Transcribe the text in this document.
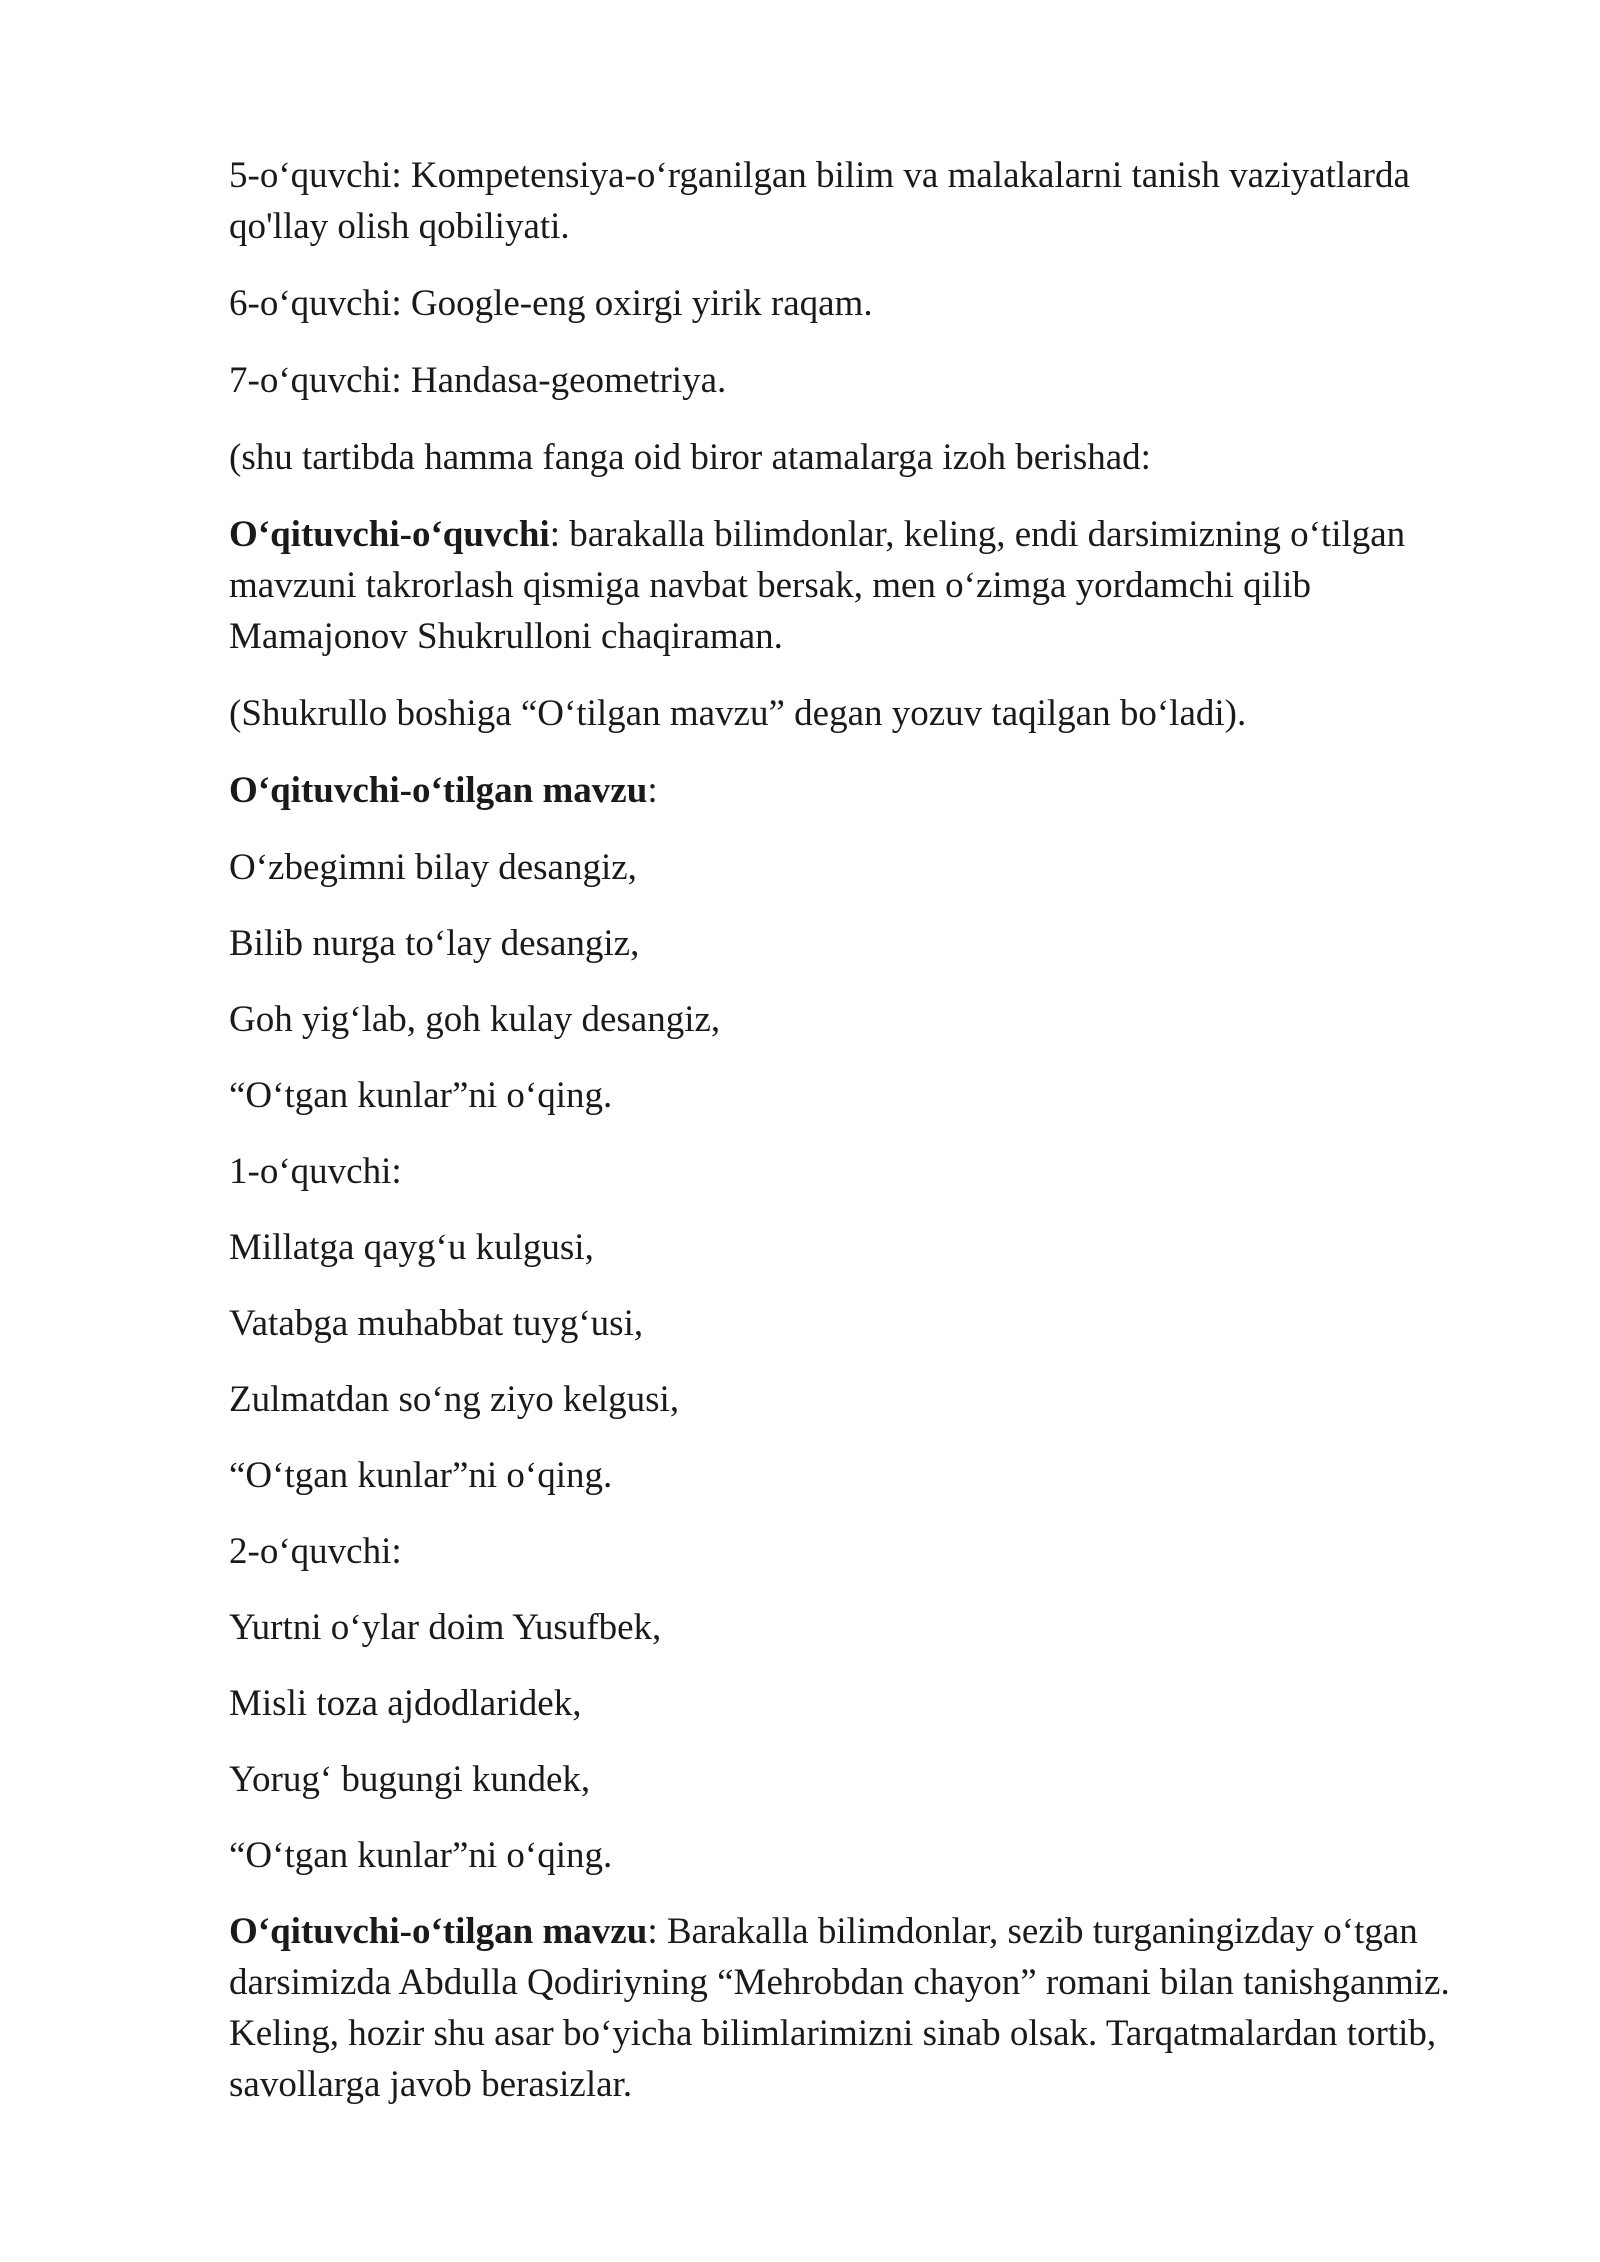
5-o‘quvchi: Kompetensiya-o‘rganilgan bilim va malakalarni tanish vaziyatlarda qo'llay olish qobiliyati.

6-o‘quvchi: Google-eng oxirgi yirik raqam.

7-o‘quvchi: Handasa-geometriya.

(shu tartibda hamma fanga oid biror atamalarga izoh berishad:

O‘qituvchi-o‘quvchi: barakalla bilimdonlar, keling, endi darsimizning o‘tilgan mavzuni takrorlash qismiga navbat bersak, men o‘zimga yordamchi qilib Mamajonov Shukrulloni chaqiraman.

(Shukrullo boshiga “O‘tilgan mavzu” degan yozuv taqilgan bo‘ladi).

O‘qituvchi-o‘tilgan mavzu:

O‘zbegimni bilay desangiz,

Bilib nurga to‘lay desangiz,

Goh yig‘lab, goh kulay desangiz,

“O‘tgan kunlar”ni o‘qing.

1-o‘quvchi:

Millatga qayg‘u kulgusi,

Vatabga muhabbat tuyg‘usi,

Zulmatdan so‘ng ziyo kelgusi,

“O‘tgan kunlar”ni o‘qing.

2-o‘quvchi:

Yurtni o‘ylar doim Yusufbek,

Misli toza ajdodlaridek,

Yorug‘ bugungi kundek,

“O‘tgan kunlar”ni o‘qing.

O‘qituvchi-o‘tilgan mavzu: Barakalla bilimdonlar, sezib turganingizday o‘tgan darsimizda Abdulla Qodiriyning “Mehrobdan chayon” romani bilan tanishganmiz. Keling, hozir shu asar bo‘yicha bilimlarimizni sinab olsak. Tarqatmalardan tortib, savollarga javob berasizlar.
